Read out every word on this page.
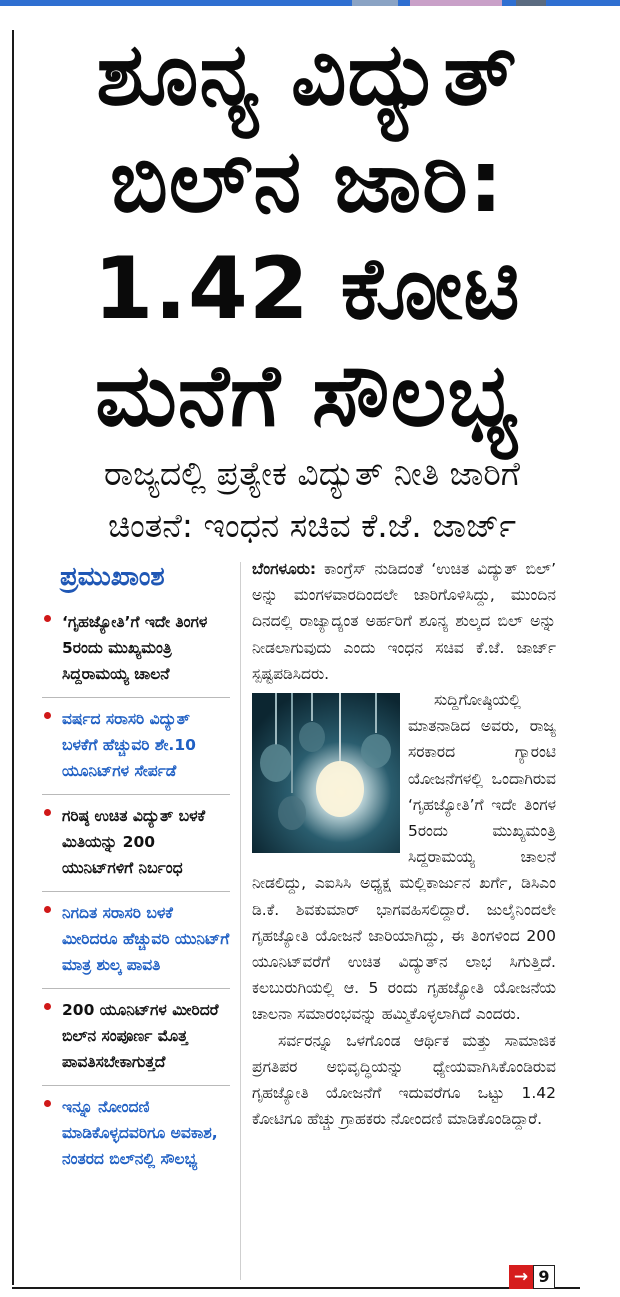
ಶೂನ್ಯ ವಿದ್ಯುತ್
ಬಿಲ್‌ನ ಜಾರಿ:
1.42 ಕೋಟಿ
ಮನೆಗೆ ಸೌಲಭ್ಯ
ರಾಜ್ಯದಲ್ಲಿ ಪ್ರತ್ಯೇಕ ವಿದ್ಯುತ್ ನೀತಿ ಜಾರಿಗೆ
ಚಿಂತನೆ: ಇಂಧನ ಸಚಿವ ಕೆ.ಜೆ. ಜಾರ್ಜ್
ಪ್ರಮುಖಾಂಶ
‘ಗೃಹಜ್ಯೋತಿ’ಗೆ ಇದೇ ತಿಂಗಳ 5ರಂದು ಮುಖ್ಯಮಂತ್ರಿ ಸಿದ್ದರಾಮಯ್ಯ ಚಾಲನೆ
ವರ್ಷದ ಸರಾಸರಿ ವಿದ್ಯುತ್ ಬಳಕೆಗೆ ಹೆಚ್ಚುವರಿ ಶೇ.10 ಯೂನಿಟ್‌ಗಳ ಸೇರ್ಪಡೆ
ಗರಿಷ್ಠ ಉಚಿತ ವಿದ್ಯುತ್ ಬಳಕೆ ಮಿತಿಯನ್ನು 200 ಯುನಿಟ್‌ಗಳಿಗೆ ನಿರ್ಬಂಧ
ನಿಗದಿತ ಸರಾಸರಿ ಬಳಕೆ ಮೀರಿದರೂ ಹೆಚ್ಚುವರಿ ಯುನಿಟ್‌ಗೆ ಮಾತ್ರ ಶುಲ್ಕ ಪಾವತಿ
200 ಯೂನಿಟ್‌ಗಳ ಮೀರಿದರೆ ಬಿಲ್‌ನ ಸಂಪೂರ್ಣ ಮೊತ್ತ ಪಾವತಿಸಬೇಕಾಗುತ್ತದೆ
ಇನ್ನೂ ನೋಂದಣಿ ಮಾಡಿಕೊಳ್ಳದವರಿಗೂ ಅವಕಾಶ, ನಂತರದ ಬಿಲ್‌ನಲ್ಲಿ ಸೌಲಭ್ಯ

ಬೆಂಗಳೂರು: ಕಾಂಗ್ರೆಸ್ ನುಡಿದಂತೆ ‘ಉಚಿತ ವಿದ್ಯುತ್ ಬಿಲ್’ ಅನ್ನು ಮಂಗಳವಾರದಿಂದಲೇ ಜಾರಿಗೊಳಿಸಿದ್ದು, ಮುಂದಿನ ದಿನದಲ್ಲಿ ರಾಜ್ಯಾದ್ಯಂತ ಅರ್ಹರಿಗೆ ಶೂನ್ಯ ಶುಲ್ಕದ ಬಿಲ್ ಅನ್ನು ನೀಡಲಾಗುವುದು ಎಂದು ಇಂಧನ ಸಚಿವ ಕೆ.ಜೆ. ಜಾರ್ಜ್ ಸ್ಪಷ್ಟಪಡಿಸಿದರು.

ಸುದ್ದಿಗೋಷ್ಠಿಯಲ್ಲಿ ಮಾತನಾಡಿದ ಅವರು, ರಾಜ್ಯ ಸರಕಾರದ ಗ್ಯಾರಂಟಿ ಯೋಜನೆಗಳಲ್ಲಿ ಒಂದಾಗಿರುವ ‘ಗೃಹಜ್ಯೋತಿ’ಗೆ ಇದೇ ತಿಂಗಳ 5ರಂದು ಮುಖ್ಯಮಂತ್ರಿ ಸಿದ್ದರಾಮಯ್ಯ ಚಾಲನೆ ನೀಡಲಿದ್ದು, ಎಐಸಿಸಿ ಅಧ್ಯಕ್ಷ ಮಲ್ಲಿಕಾರ್ಜುನ ಖರ್ಗೆ, ಡಿಸಿಎಂ ಡಿ.ಕೆ. ಶಿವಕುಮಾರ್ ಭಾಗವಹಿಸಲಿದ್ದಾರೆ. ಜುಲೈನಿಂದಲೇ ಗೃಹಜ್ಯೋತಿ ಯೋಜನೆ ಜಾರಿಯಾಗಿದ್ದು, ಈ ತಿಂಗಳಿಂದ 200 ಯೂನಿಟ್‌ವರೆಗೆ ಉಚಿತ ವಿದ್ಯುತ್‌ನ ಲಾಭ ಸಿಗುತ್ತಿದೆ. ಕಲಬುರುಗಿಯಲ್ಲಿ ಆ. 5 ರಂದು ಗೃಹಜ್ಯೋತಿ ಯೋಜನೆಯ ಚಾಲನಾ ಸಮಾರಂಭವನ್ನು ಹಮ್ಮಿಕೊಳ್ಳಲಾಗಿದೆ ಎಂದರು.

ಸರ್ವರನ್ನೂ ಒಳಗೊಂಡ ಆರ್ಥಿಕ ಮತ್ತು ಸಾಮಾಜಿಕ ಪ್ರಗತಿಪರ ಅಭಿವೃದ್ಧಿಯನ್ನು ಧ್ಯೇಯವಾಗಿಸಿಕೊಂಡಿರುವ ಗೃಹಜ್ಯೋತಿ ಯೋಜನೆಗೆ ಇದುವರೆಗೂ ಒಟ್ಟು 1.42 ಕೋಟಿಗೂ ಹೆಚ್ಚು ಗ್ರಾಹಕರು ನೋಂದಣಿ ಮಾಡಿಕೊಂಡಿದ್ದಾರೆ.

→ 9
